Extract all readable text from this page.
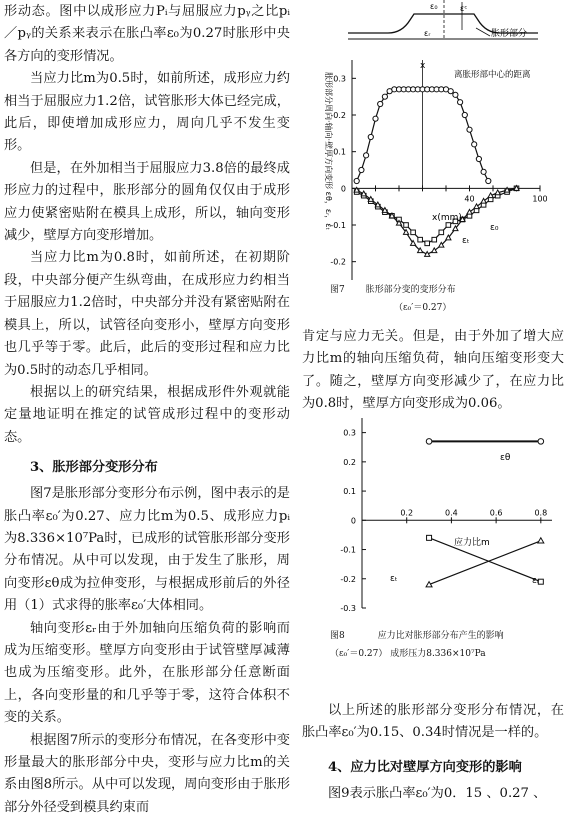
形动态。图中以成形应力Pᵢ与屈服应力pᵧ之比pᵢ／pᵧ的关系来表示在胀凸率ε₀为0.27时胀形中央各方向的变形情况。

当应力比m为0.5时，如前所述，成形应力约相当于屈服应力1.2倍，试管胀形大体已经完成，此后，即使增加成形应力，周向几乎不发生变形。

但是，在外加相当于屈服应力3.8倍的最终成形应力的过程中，胀形部分的圆角仅仅由于成形应力使紧密贴附在模具上成形，所以，轴向变形减少，壁厚方向变形增加。

当应力比m为0.8时，如前所述，在初期阶段，中央部分便产生纵弯曲，在成形应力约相当于屈服应力1.2倍时，中央部分并没有紧密贴附在模具上，所以，试管径向变形小，壁厚方向变形也几乎等于零。此后，此后的变形过程和应力比为0.5时的动态几乎相同。

根据以上的研究结果，根据成形件外观就能定量地证明在推定的试管成形过程中的变形动态。

3、胀形部分变形分布

图7是胀形部分变形分布示例，图中表示的是胀凸率ε₀′为0.27、应力比m为0.5、成形应力pᵢ为8.336×10⁷Pa时，已成形的试管胀形部分变形分布情况。从中可以发现，由于发生了胀形，周向变形εθ成为拉伸变形，与根据成形前后的外径用（1）式求得的胀率ε₀′大体相同。

轴向变形εᵣ由于外加轴向压缩负荷的影响而成为压缩变形。壁厚方向变形由于试管壁厚减薄也成为压缩变形。此外，在胀形部分任意断面上，各向变形量的和几乎等于零，这符合体积不变的关系。

根据图7所示的变形分布情况，在各变形中变形量最大的胀形部分中央，变形与应力比m的关系由图8所示。从中可以发现，周向变形由于胀形部分外径受到模具约束而

胀形部分
ε₀	εᶜ
εᵣ
0.3
0.2
0.1
0
-0.1
-0.2
40	100
x
离胀形部中心的距离
x(mm)
ε₀
εₜ
胀形部分周向·轴向·壁厚方向变形 εθ，εᵣ，εₜ
图7 胀形部分变的变形分布
（ε₀′＝0.27）

肯定与应力无关。但是，由于外加了增大应力比m的轴向压缩负荷，轴向压缩变形变大了。随之，壁厚方向变形减少了，在应力比为0.8时，壁厚方向变形成为0.06。

0.3
0.2
0.1
0
-0.1
-0.2
-0.3
0.2	0.4	0.6	0.8
εθ
应力比m
εₜ	εᵣ
图8	应力比对胀形部分布产生的影响
（ε₀′＝0.27） 成形压力8.336×10⁷Pa

以上所述的胀形部分变形分布情况，在胀凸率ε₀′为0.15、0.34时情况是一样的。

4、应力比对壁厚方向变形的影响

图9表示胀凸率ε₀′为0．15 、0.27 、
